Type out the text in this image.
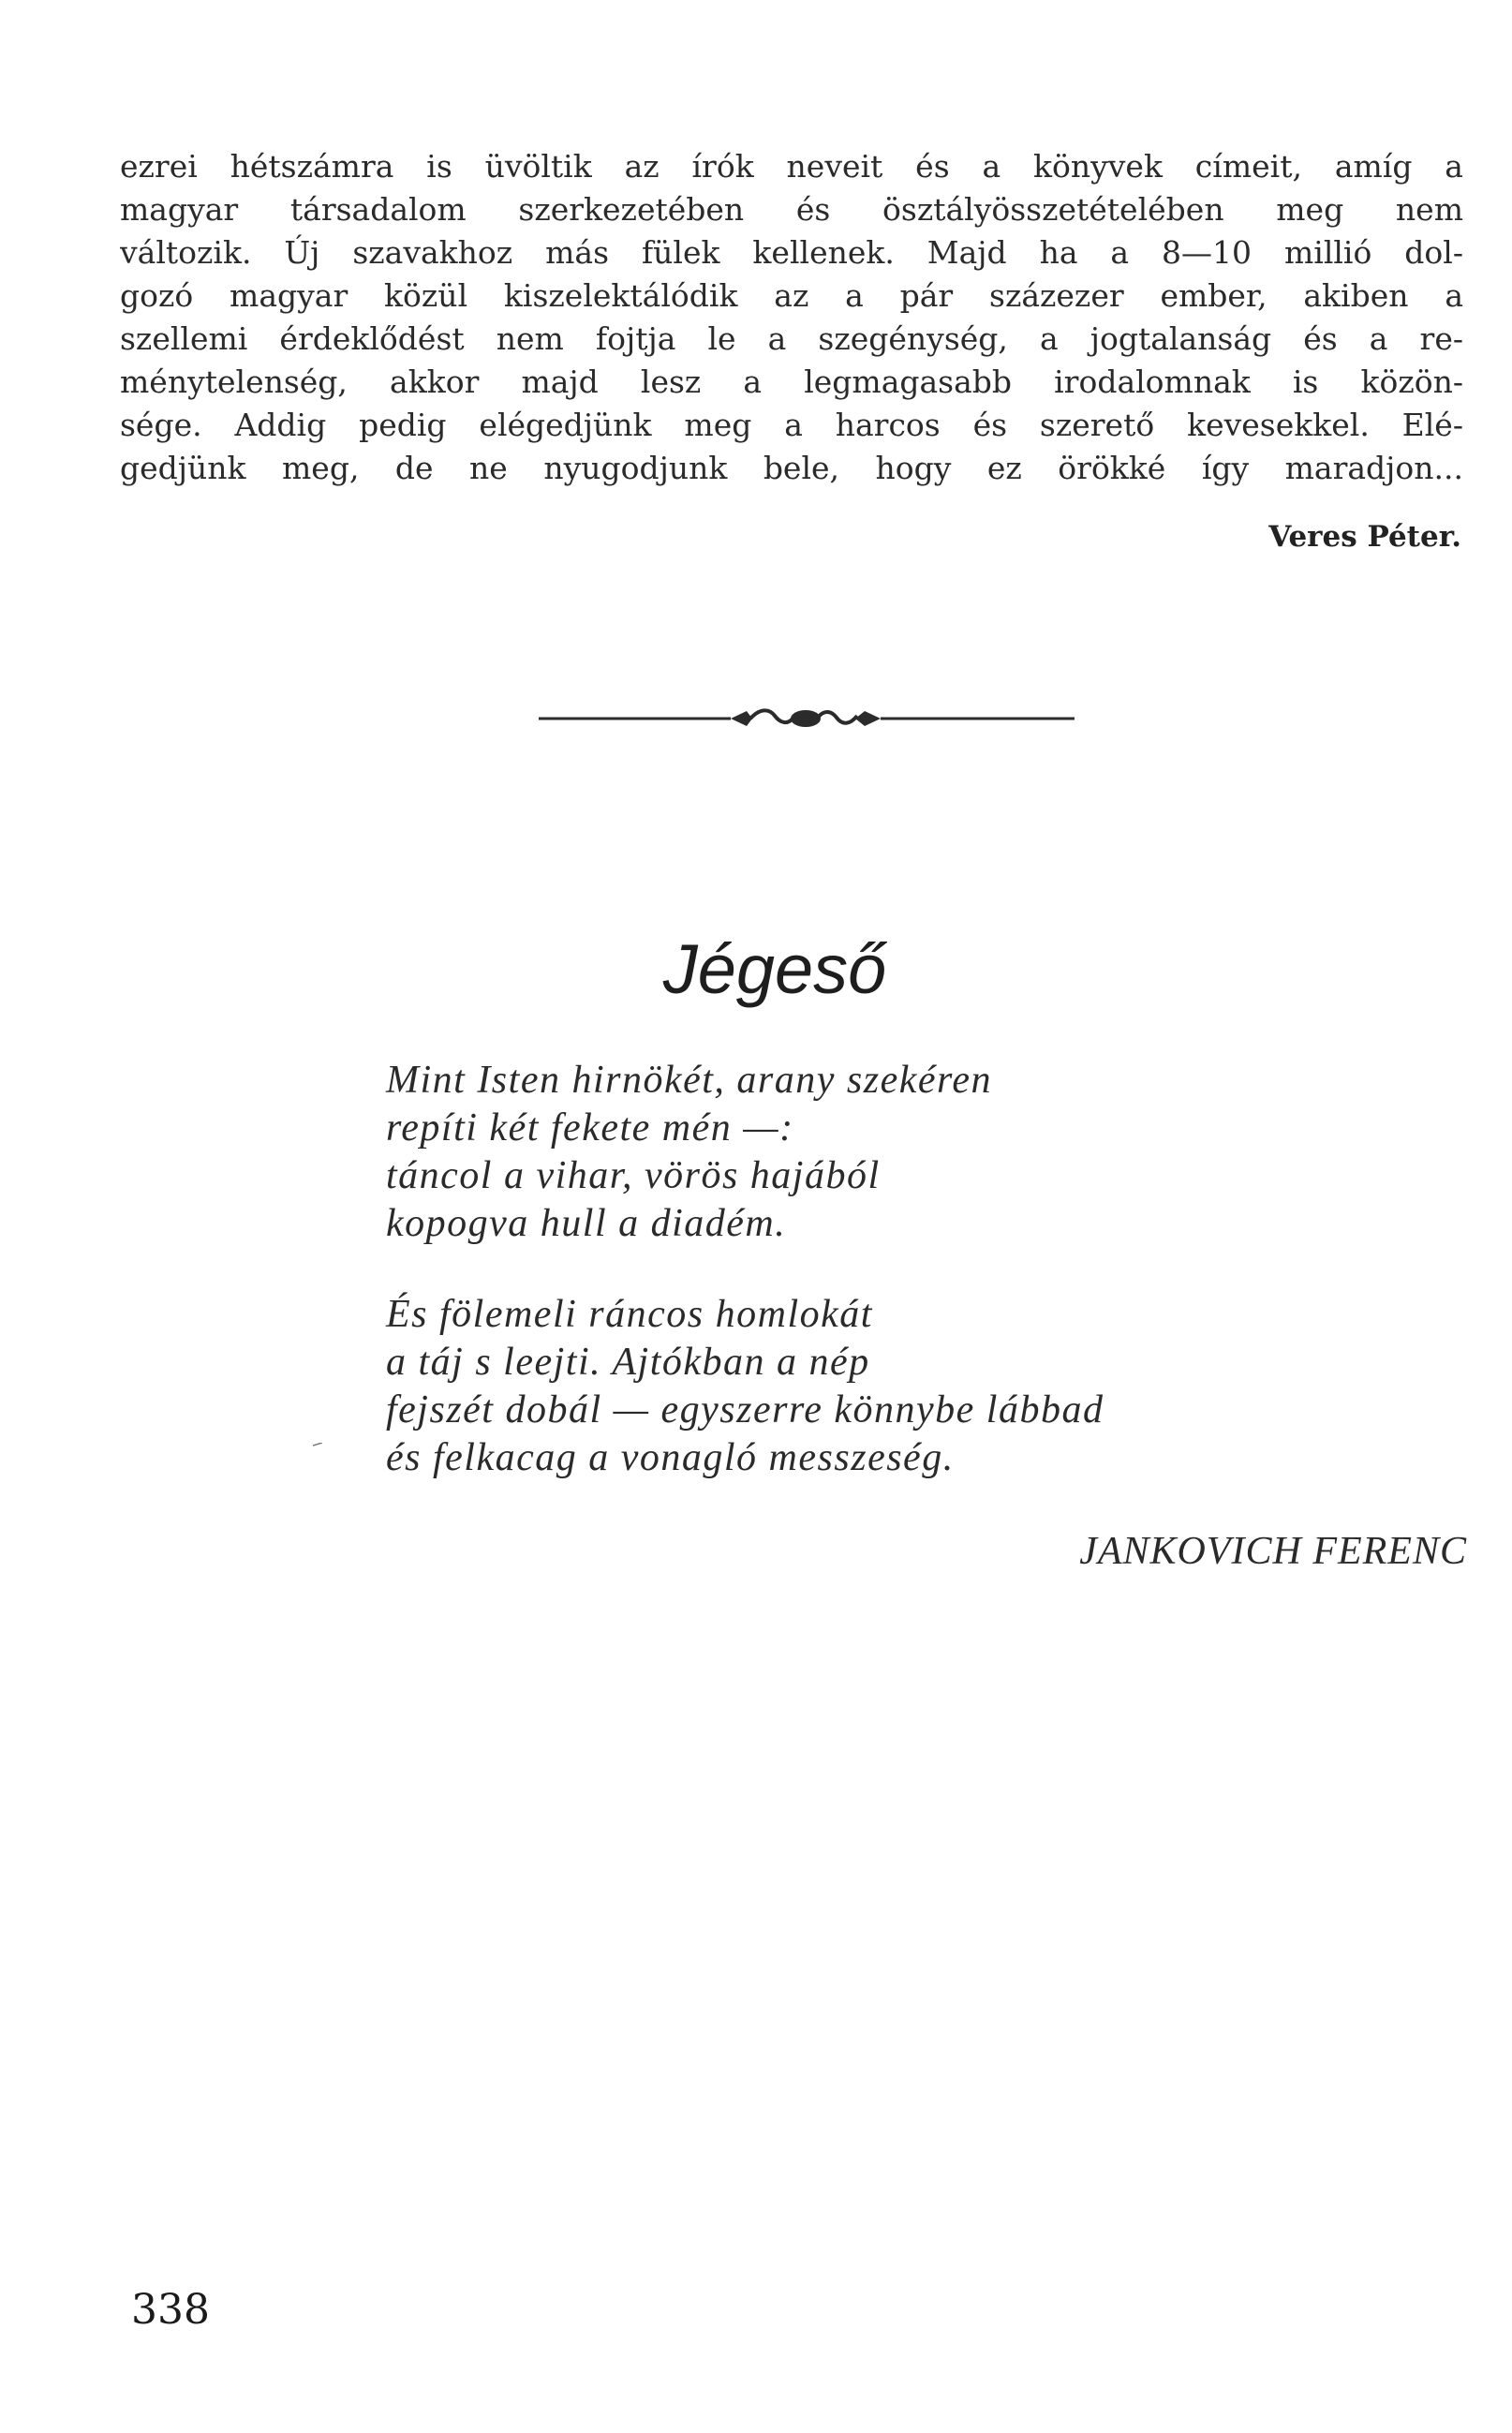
ezrei hétszámra is üvöltik az írók neveit és a könyvek címeit, amíg a
magyar társadalom szerkezetében és ösztályösszetételében meg nem
változik. Új szavakhoz más fülek kellenek. Majd ha a 8—10 millió dol-
gozó magyar közül kiszelektálódik az a pár százezer ember, akiben a
szellemi érdeklődést nem fojtja le a szegénység, a jogtalanság és a re-
ménytelenség, akkor majd lesz a legmagasabb irodalomnak is közön-
sége. Addig pedig elégedjünk meg a harcos és szerető kevesekkel. Elé-
gedjünk meg, de ne nyugodjunk bele, hogy ez örökké így maradjon...
Veres Péter.
Jégeső
Mint Isten hirnökét, arany szekéren
repíti két fekete mén —:
táncol a vihar, vörös hajából
kopogva hull a diadém.
És fölemeli ráncos homlokát
a táj s leejti. Ajtókban a nép
fejszét dobál — egyszerre könnybe lábbad
és felkacag a vonagló messzeség.
JANKOVICH FERENC
338
